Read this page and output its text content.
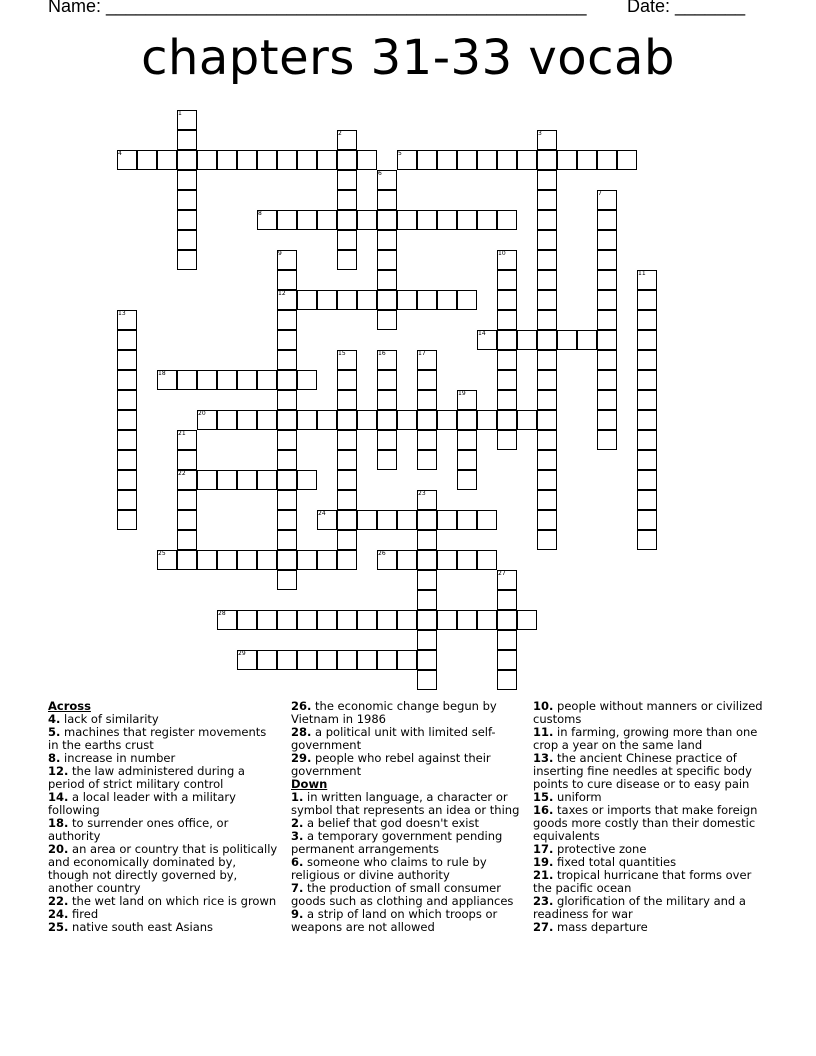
Name: ________________________________________________ Date: _______
chapters 31-33 vocab
1
2	3
4	5
6
7
8
9	10
11
12
13
14
15	16	17
18
19
20
21
22
23
24
25	26
27
28
29
Across
4. lack of similarity
5. machines that register movements in the earths crust
8. increase in number
12. the law administered during a period of strict military control
14. a local leader with a military following
18. to surrender ones office, or authority
20. an area or country that is politically and economically dominated by, though not directly governed by, another country
22. the wet land on which rice is grown
24. fired
25. native south east Asians
26. the economic change begun by Vietnam in 1986
28. a political unit with limited self-government
29. people who rebel against their government
Down
1. in written language, a character or symbol that represents an idea or thing
2. a belief that god doesn't exist
3. a temporary government pending permanent arrangements
6. someone who claims to rule by religious or divine authority
7. the production of small consumer goods such as clothing and appliances
9. a strip of land on which troops or weapons are not allowed
10. people without manners or civilized customs
11. in farming, growing more than one crop a year on the same land
13. the ancient Chinese practice of inserting fine needles at specific body points to cure disease or to easy pain
15. uniform
16. taxes or imports that make foreign goods more costly than their domestic equivalents
17. protective zone
19. fixed total quantities
21. tropical hurricane that forms over the pacific ocean
23. glorification of the military and a readiness for war
27. mass departure
